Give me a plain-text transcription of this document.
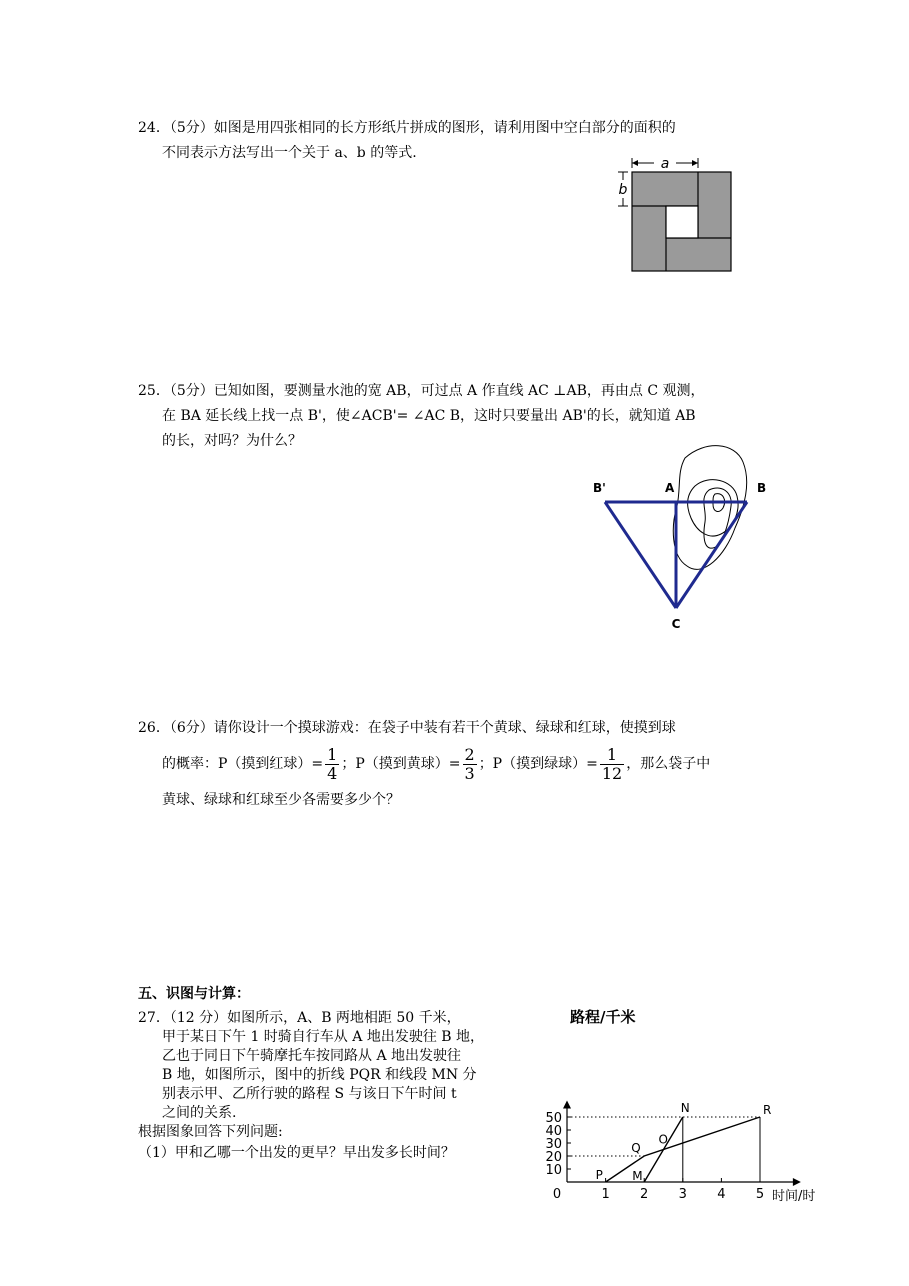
24．（5分）如图是用四张相同的长方形纸片拼成的图形，请利用图中空白部分的面积的
不同表示方法写出一个关于 a、b 的等式.
a
b
25．（5分）已知如图，要测量水池的宽 AB，可过点 A 作直线 AC ⊥AB，再由点 C 观测，
在 BA 延长线上找一点 B'，使∠ACB'= ∠AC B，这时只要量出 AB'的长，就知道 AB
的长，对吗？为什么？
B'	A	B
C
26．（6分）请你设计一个摸球游戏：在袋子中装有若干个黄球、绿球和红球，使摸到球
的概率：P（摸到红球）= $\frac{1}{4}$ ；P（摸到黄球）= $\frac{2}{3}$ ；P（摸到绿球）= $\frac{1}{12}$ ，那么袋子中
黄球、绿球和红球至少各需要多少个？
五、识图与计算：
27．（12 分）如图所示，A、B 两地相距 50 千米，
甲于某日下午 1 时骑自行车从 A 地出发驶往 B 地，
乙也于同日下午骑摩托车按同路从 A 地出发驶往
B 地，如图所示，图中的折线 PQR 和线段 MN 分
别表示甲、乙所行驶的路程 S 与该日下午时间 t
之间的关系.
根据图象回答下列问题:
（1）甲和乙哪一个出发的更早？早出发多长时间？
路程/千米
时间/时
0	1 2 3 4 5
10
20
30
40
50
P
Q
R
M
N
O
